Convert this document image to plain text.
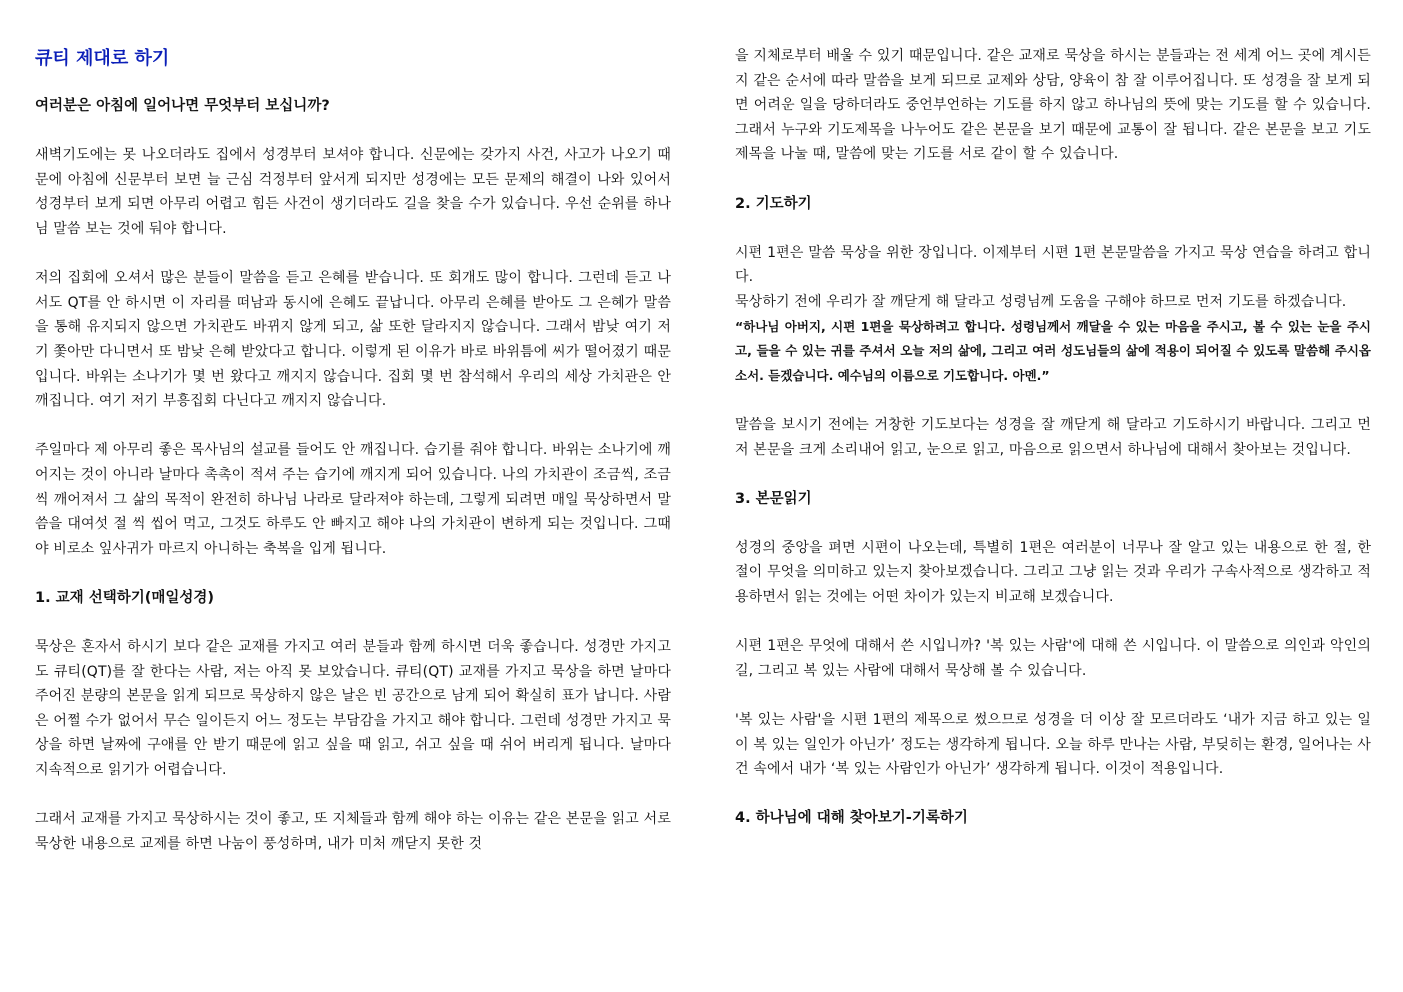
큐티 제대로 하기
여러분은 아침에 일어나면 무엇부터 보십니까?

새벽기도에는 못 나오더라도 집에서 성경부터 보셔야 합니다. 신문에는 갖가지 사건, 사고가 나오기 때문에 아침에 신문부터 보면 늘 근심 걱정부터 앞서게 되지만 성경에는 모든 문제의 해결이 나와 있어서 성경부터 보게 되면 아무리 어렵고 힘든 사건이 생기더라도 길을 찾을 수가 있습니다. 우선 순위를 하나님 말씀 보는 것에 둬야 합니다.

저의 집회에 오셔서 많은 분들이 말씀을 듣고 은혜를 받습니다. 또 회개도 많이 합니다. 그런데 듣고 나서도 QT를 안 하시면 이 자리를 떠남과 동시에 은혜도 끝납니다. 아무리 은혜를 받아도 그 은혜가 말씀을 통해 유지되지 않으면 가치관도 바뀌지 않게 되고, 삶 또한 달라지지 않습니다. 그래서 밤낮 여기 저기 쫓아만 다니면서 또 밤낮 은혜 받았다고 합니다. 이렇게 된 이유가 바로 바위틈에 씨가 떨어졌기 때문입니다. 바위는 소나기가 몇 번 왔다고 깨지지 않습니다. 집회 몇 번 참석해서 우리의 세상 가치관은 안 깨집니다. 여기 저기 부흥집회 다닌다고 깨지지 않습니다.

주일마다 제 아무리 좋은 목사님의 설교를 들어도 안 깨집니다. 습기를 줘야 합니다. 바위는 소나기에 깨어지는 것이 아니라 날마다 촉촉이 적셔 주는 습기에 깨지게 되어 있습니다. 나의 가치관이 조금씩, 조금씩 깨어져서 그 삶의 목적이 완전히 하나님 나라로 달라져야 하는데, 그렇게 되려면 매일 묵상하면서 말씀을 대여섯 절 씩 씹어 먹고, 그것도 하루도 안 빠지고 해야 나의 가치관이 변하게 되는 것입니다. 그때야 비로소 잎사귀가 마르지 아니하는 축복을 입게 됩니다.

1. 교재 선택하기(매일성경)

묵상은 혼자서 하시기 보다 같은 교재를 가지고 여러 분들과 함께 하시면 더욱 좋습니다. 성경만 가지고도 큐티(QT)를 잘 한다는 사람, 저는 아직 못 보았습니다. 큐티(QT) 교재를 가지고 묵상을 하면 날마다 주어진 분량의 본문을 읽게 되므로 묵상하지 않은 날은 빈 공간으로 남게 되어 확실히 표가 납니다. 사람은 어쩔 수가 없어서 무슨 일이든지 어느 정도는 부담감을 가지고 해야 합니다. 그런데 성경만 가지고 묵상을 하면 날짜에 구애를 안 받기 때문에 읽고 싶을 때 읽고, 쉬고 싶을 때 쉬어 버리게 됩니다. 날마다 지속적으로 읽기가 어렵습니다.

그래서 교재를 가지고 묵상하시는 것이 좋고, 또 지체들과 함께 해야 하는 이유는 같은 본문을 읽고 서로 묵상한 내용으로 교제를 하면 나눔이 풍성하며, 내가 미처 깨닫지 못한 것

을 지체로부터 배울 수 있기 때문입니다. 같은 교재로 묵상을 하시는 분들과는 전 세계 어느 곳에 계시든지 같은 순서에 따라 말씀을 보게 되므로 교제와 상담, 양육이 참 잘 이루어집니다. 또 성경을 잘 보게 되면 어려운 일을 당하더라도 중언부언하는 기도를 하지 않고 하나님의 뜻에 맞는 기도를 할 수 있습니다. 그래서 누구와 기도제목을 나누어도 같은 본문을 보기 때문에 교통이 잘 됩니다. 같은 본문을 보고 기도제목을 나눌 때, 말씀에 맞는 기도를 서로 같이 할 수 있습니다.

2. 기도하기

시편 1편은 말씀 묵상을 위한 장입니다. 이제부터 시편 1편 본문말씀을 가지고 묵상 연습을 하려고 합니다.

묵상하기 전에 우리가 잘 깨닫게 해 달라고 성령님께 도움을 구해야 하므로 먼저 기도를 하겠습니다.

“하나님 아버지, 시편 1편을 묵상하려고 합니다. 성령님께서 깨달을 수 있는 마음을 주시고, 볼 수 있는 눈을 주시고, 들을 수 있는 귀를 주셔서 오늘 저의 삶에, 그리고 여러 성도님들의 삶에 적용이 되어질 수 있도록 말씀해 주시옵소서. 듣겠습니다. 예수님의 이름으로 기도합니다. 아멘.”

말씀을 보시기 전에는 거창한 기도보다는 성경을 잘 깨닫게 해 달라고 기도하시기 바랍니다. 그리고 먼저 본문을 크게 소리내어 읽고, 눈으로 읽고, 마음으로 읽으면서 하나님에 대해서 찾아보는 것입니다.

3. 본문읽기

성경의 중앙을 펴면 시편이 나오는데, 특별히 1편은 여러분이 너무나 잘 알고 있는 내용으로 한 절, 한 절이 무엇을 의미하고 있는지 찾아보겠습니다. 그리고 그냥 읽는 것과 우리가 구속사적으로 생각하고 적용하면서 읽는 것에는 어떤 차이가 있는지 비교해 보겠습니다.

시편 1편은 무엇에 대해서 쓴 시입니까? '복 있는 사람'에 대해 쓴 시입니다. 이 말씀으로 의인과 악인의 길, 그리고 복 있는 사람에 대해서 묵상해 볼 수 있습니다.

'복 있는 사람'을 시편 1편의 제목으로 썼으므로 성경을 더 이상 잘 모르더라도 ‘내가 지금 하고 있는 일이 복 있는 일인가 아닌가’ 정도는 생각하게 됩니다. 오늘 하루 만나는 사람, 부딪히는 환경, 일어나는 사건 속에서 내가 ‘복 있는 사람인가 아닌가’ 생각하게 됩니다. 이것이 적용입니다.

4. 하나님에 대해 찾아보기-기록하기
